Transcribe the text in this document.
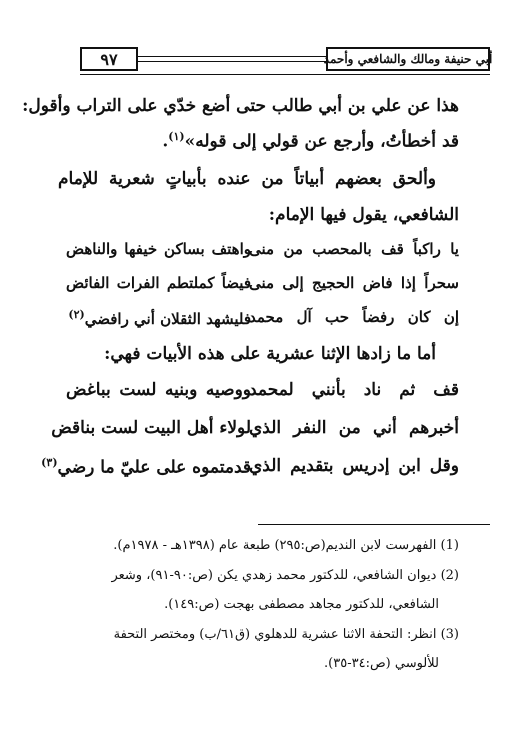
٩٧	أبي حنيفة ومالك والشافعي وأحمد
هذا عن علي بن أبي طالب حتى أضع خدّي على التراب وأقول:
قد أخطأتُ، وأرجع عن قولي إلى قوله»$^{(١)}$.
وألحق بعضهم أبياتاً من عنده بأبياتٍ شعرية للإمام
الشافعي، يقول فيها الإمام:
يا راكباً قف بالمحصب من منى
واهتف بساكن خيفها والناهض
سحراً إذا فاض الحجيج إلى منى
فيضاً كملتطم الفرات الفائض
إن كان رفضاً حب آل محمد
فليشهد الثقلان أني رافضي$^{(٢)}$
أما ما زادها الإثنا عشرية على هذه الأبيات فهي:
قف ثم ناد بأنني لمحمد
ووصيه وبنيه لست بباغض
أخبرهم أني من النفر الذي
لولاء أهل البيت لست بناقض
وقل ابن إدريس بتقديم الذي
قدمتموه على عليّ ما رضي$^{(٣)}$
(1) الفهرست لابن النديم(ص:٢٩٥) طبعة عام (١٣٩٨هـ - ١٩٧٨م).
(2) ديوان الشافعي، للدكتور محمد زهدي يكن (ص:٩٠-٩١)، وشعر
الشافعي، للدكتور مجاهد مصطفى بهجت (ص:١٤٩).
(3) انظر: التحفة الاثنا عشرية للدهلوي (ق٦١/ب) ومختصر التحفة
للألوسي (ص:٣٤-٣٥).
